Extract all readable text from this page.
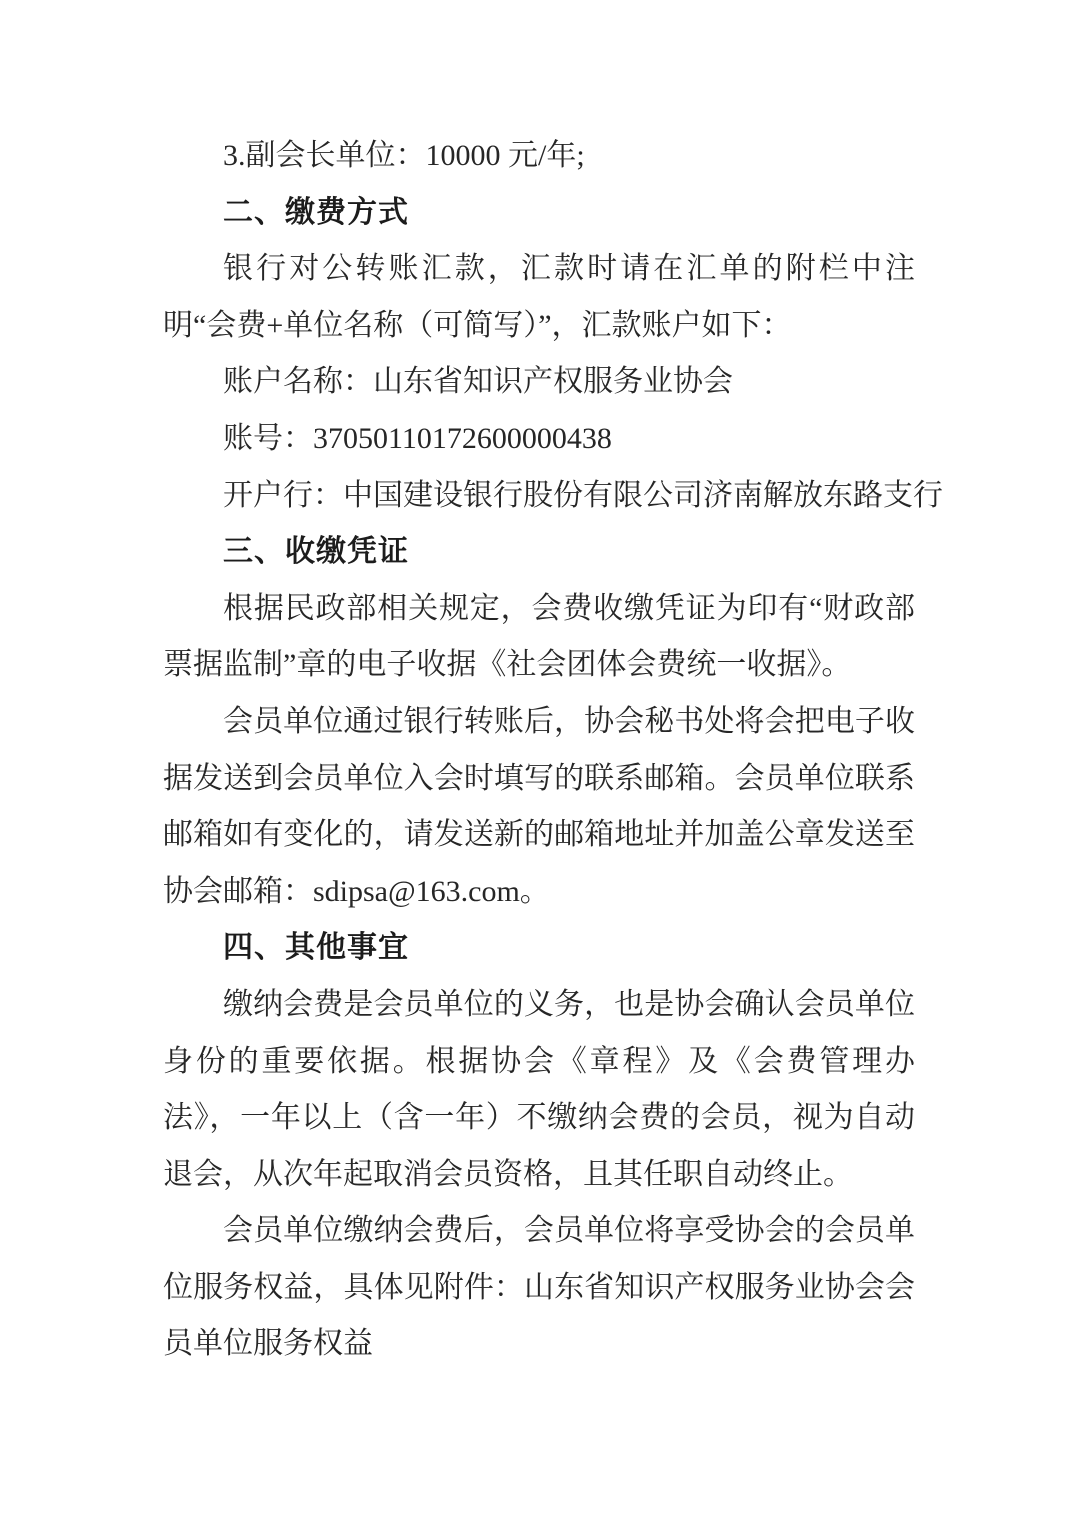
3.副会长单位：10000 元/年;
二、缴费方式
银行对公转账汇款，汇款时请在汇单的附栏中注明“会费+单位名称（可简写）”，汇款账户如下：
账户名称：山东省知识产权服务业协会
账号：37050110172600000438
开户行：中国建设银行股份有限公司济南解放东路支行
三、收缴凭证
根据民政部相关规定，会费收缴凭证为印有“财政部票据监制”章的电子收据《社会团体会费统一收据》。
会员单位通过银行转账后，协会秘书处将会把电子收据发送到会员单位入会时填写的联系邮箱。会员单位联系邮箱如有变化的，请发送新的邮箱地址并加盖公章发送至协会邮箱：sdipsa@163.com。
四、其他事宜
缴纳会费是会员单位的义务，也是协会确认会员单位身份的重要依据。根据协会《章程》及《会费管理办法》，一年以上（含一年）不缴纳会费的会员，视为自动退会，从次年起取消会员资格，且其任职自动终止。
会员单位缴纳会费后，会员单位将享受协会的会员单位服务权益，具体见附件：山东省知识产权服务业协会会员单位服务权益
